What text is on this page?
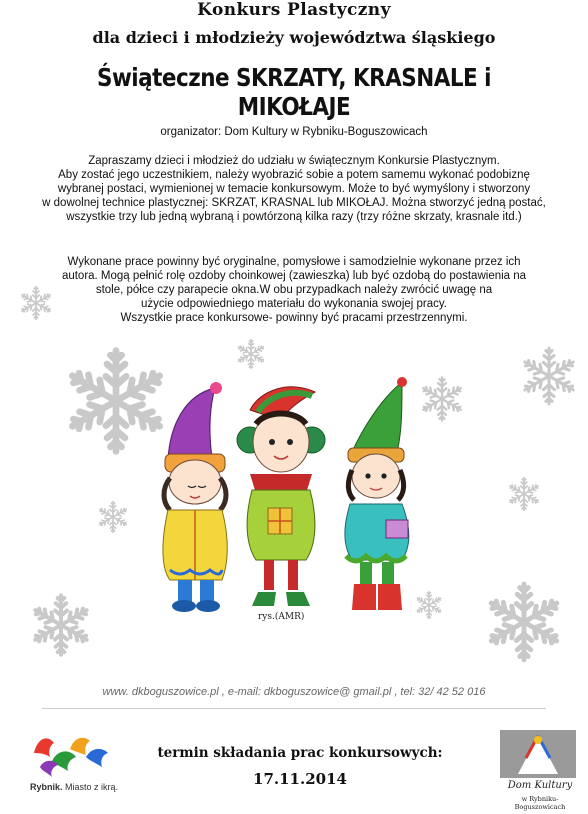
Konkurs Plastyczny
dla dzieci i młodzieży województwa śląskiego
Świąteczne SKRZATY, KRASNALE i MIKOŁAJE
organizator: Dom Kultury w Rybniku-Boguszowicach
Zapraszamy dzieci i młodzież do udziału w świątecznym Konkursie Plastycznym.
Aby zostać jego uczestnikiem, należy wyobrazić sobie a potem samemu wykonać podobiznę
wybranej postaci, wymienionej w temacie konkursowym. Może to być wymyślony i stworzony
w dowolnej technice plastycznej: SKRZAT, KRASNAL lub MIKOŁAJ. Można stworzyć jedną postać,
wszystkie trzy lub jedną wybraną i powtórzoną kilka razy (trzy różne skrzaty, krasnale itd.)
Wykonane prace powinny być oryginalne, pomysłowe i samodzielnie wykonane przez ich
autora. Mogą pełnić rolę ozdoby choinkowej (zawieszka) lub być ozdobą do postawienia na
stole, półce czy parapecie okna.W obu przypadkach należy zwrócić uwagę na
użycie odpowiedniego materiału do wykonania swojej pracy.
Wszystkie prace konkursowe- powinny być pracami przestrzennymi.
rys.(AMR)
www. dkboguszowice.pl , e-mail: dkboguszowice@ gmail.pl , tel: 32/ 42 52 016
Rybnik. Miasto z ikrą.
termin składania prac konkursowych:
17.11.2014	Dom Kultury
w Rybniku-Boguszowicach
